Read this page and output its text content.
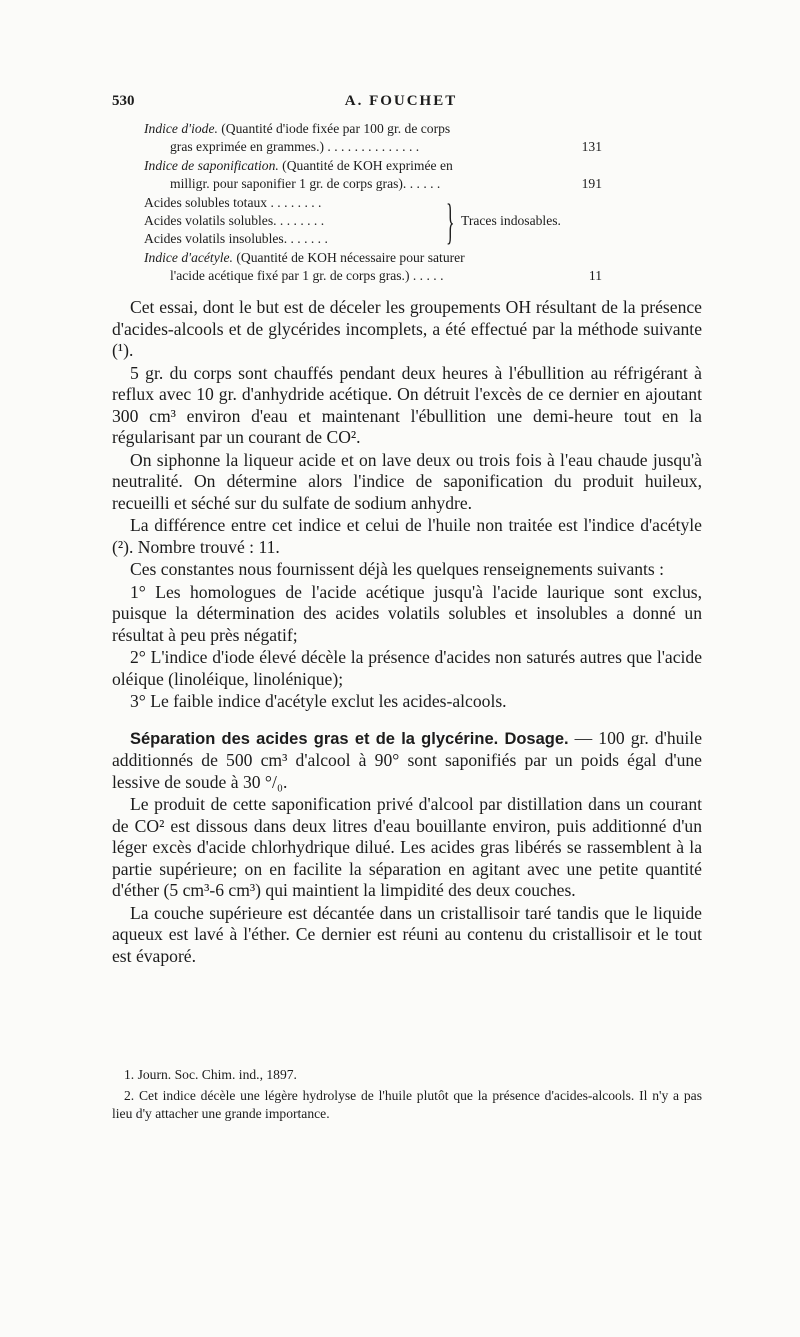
530	A. FOUCHET
Indice d'iode. (Quantité d'iode fixée par 100 gr. de corps
gras exprimée en grammes.) . . . . . . . . . . . . . .	131
Indice de saponification. (Quantité de KOH exprimée en
milligr. pour saponifier 1 gr. de corps gras). . . . . .	191
Acides solubles totaux . . . . . . . .
Acides volatils solubles. . . . . . . .
Acides volatils insolubles. . . . . . .	} Traces indosables.
Indice d'acétyle. (Quantité de KOH nécessaire pour saturer
l'acide acétique fixé par 1 gr. de corps gras.) . . . . .	11

Cet essai, dont le but est de déceler les groupements OH résultant de la présence d'acides-alcools et de glycérides incomplets, a été effectué par la méthode suivante (¹).

5 gr. du corps sont chauffés pendant deux heures à l'ébullition au réfrigérant à reflux avec 10 gr. d'anhydride acétique. On détruit l'excès de ce dernier en ajoutant 300 cm³ environ d'eau et maintenant l'ébullition une demi-heure tout en la régularisant par un courant de CO².

On siphonne la liqueur acide et on lave deux ou trois fois à l'eau chaude jusqu'à neutralité. On détermine alors l'indice de saponification du produit huileux, recueilli et séché sur du sulfate de sodium anhydre.

La différence entre cet indice et celui de l'huile non traitée est l'indice d'acétyle (²). Nombre trouvé : 11.

Ces constantes nous fournissent déjà les quelques renseignements suivants :

1° Les homologues de l'acide acétique jusqu'à l'acide laurique sont exclus, puisque la détermination des acides volatils solubles et insolubles a donné un résultat à peu près négatif;

2° L'indice d'iode élevé décèle la présence d'acides non saturés autres que l'acide oléique (linoléique, linolénique);

3° Le faible indice d'acétyle exclut les acides-alcools.

Séparation des acides gras et de la glycérine. Dosage. — 100 gr. d'huile additionnés de 500 cm³ d'alcool à 90° sont saponifiés par un poids égal d'une lessive de soude à 30 °/₀.

Le produit de cette saponification privé d'alcool par distillation dans un courant de CO² est dissous dans deux litres d'eau bouillante environ, puis additionné d'un léger excès d'acide chlorhydrique dilué. Les acides gras libérés se rassemblent à la partie supérieure; on en facilite la séparation en agitant avec une petite quantité d'éther (5 cm³-6 cm³) qui maintient la limpidité des deux couches.

La couche supérieure est décantée dans un cristallisoir taré tandis que le liquide aqueux est lavé à l'éther. Ce dernier est réuni au contenu du cristallisoir et le tout est évaporé.

1. Journ. Soc. Chim. ind., 1897.

2. Cet indice décèle une légère hydrolyse de l'huile plutôt que la présence d'acides-alcools. Il n'y a pas lieu d'y attacher une grande importance.
